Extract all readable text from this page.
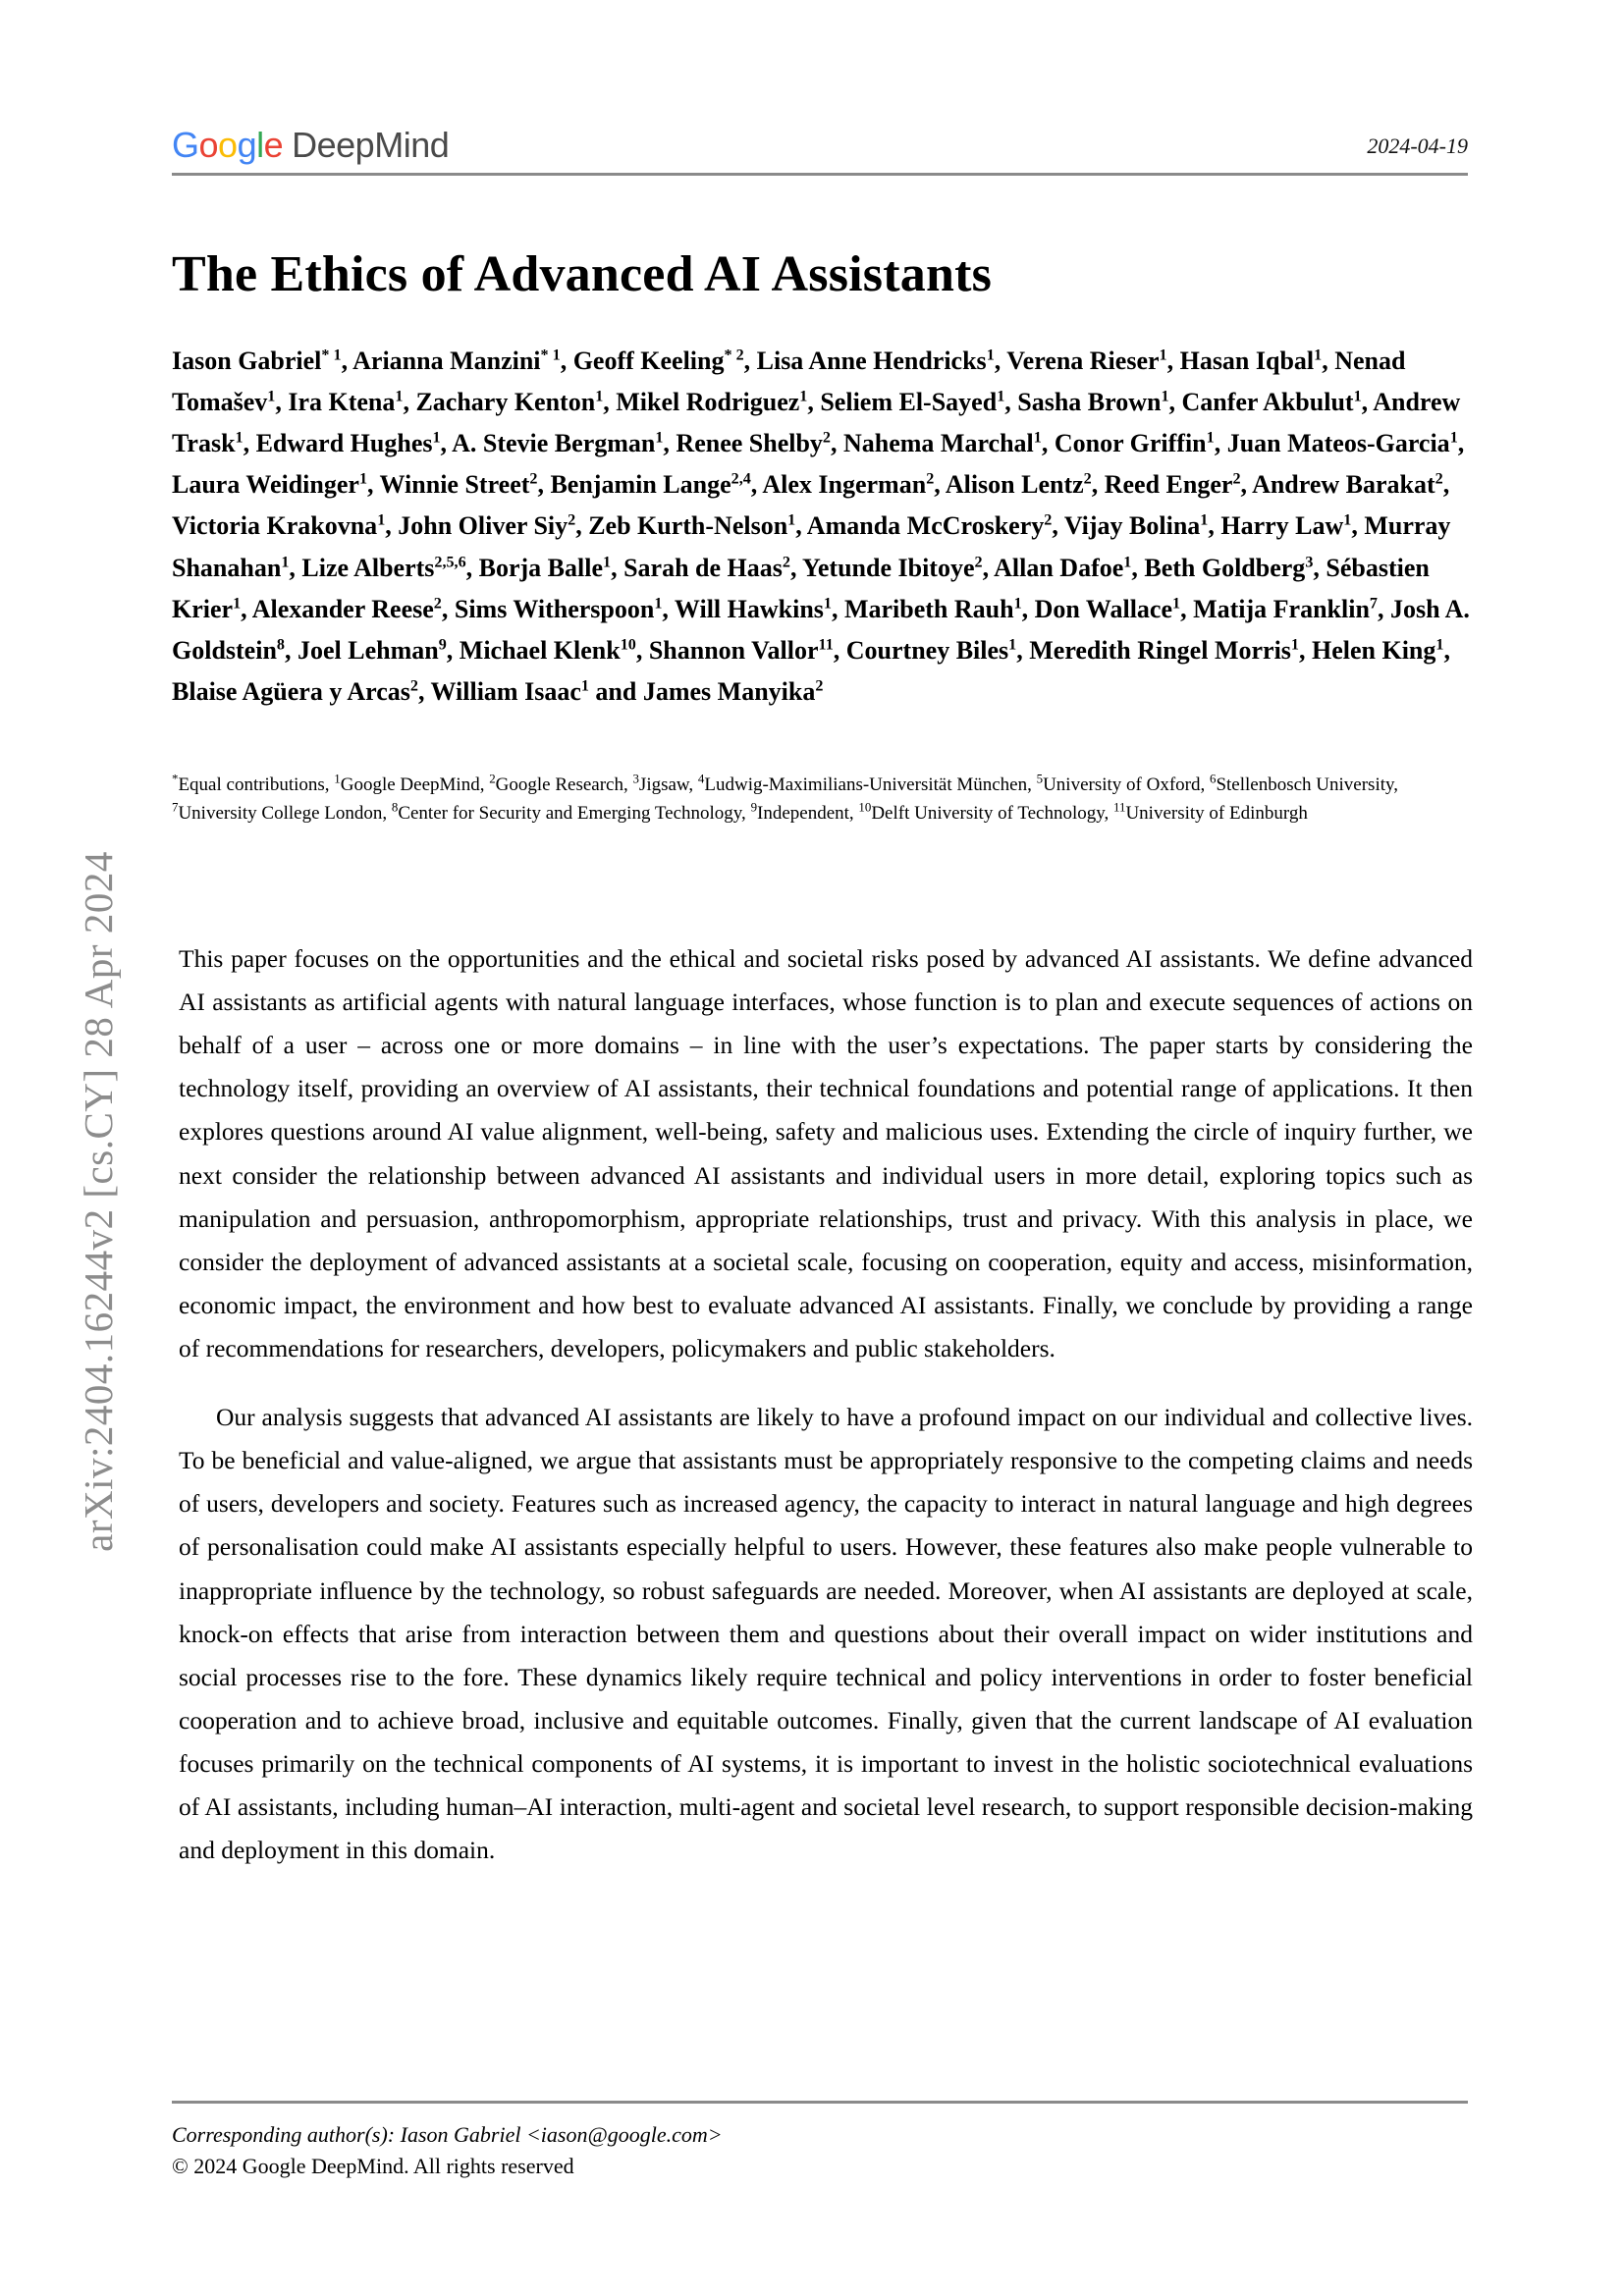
arXiv:2404.16244v2 [cs.CY] 28 Apr 2024
G o o g l e DeepMind	2024-04-19
The Ethics of Advanced AI Assistants
Iason Gabriel$^{* 1}$, Arianna Manzini$^{* 1}$, Geoff Keeling$^{* 2}$, Lisa Anne Hendricks$^1$, Verena Rieser$^1$, Hasan Iqbal$^1$, Nenad Tomašev$^1$, Ira Ktena$^1$, Zachary Kenton$^1$, Mikel Rodriguez$^1$, Seliem El-Sayed$^1$, Sasha Brown$^1$, Canfer Akbulut$^1$, Andrew Trask$^1$, Edward Hughes$^1$, A. Stevie Bergman$^1$, Renee Shelby$^2$, Nahema Marchal$^1$, Conor Griffin$^1$, Juan Mateos-Garcia$^1$, Laura Weidinger$^1$, Winnie Street$^2$, Benjamin Lange$^{2,4}$, Alex Ingerman$^2$, Alison Lentz$^2$, Reed Enger$^2$, Andrew Barakat$^2$, Victoria Krakovna$^1$, John Oliver Siy$^2$, Zeb Kurth-Nelson$^1$, Amanda McCroskery$^2$, Vijay Bolina$^1$, Harry Law$^1$, Murray Shanahan$^1$, Lize Alberts$^{2,5,6}$, Borja Balle$^1$, Sarah de Haas$^2$, Yetunde Ibitoye$^2$, Allan Dafoe$^1$, Beth Goldberg$^3$, Sébastien Krier$^1$, Alexander Reese$^2$, Sims Witherspoon$^1$, Will Hawkins$^1$, Maribeth Rauh$^1$, Don Wallace$^1$, Matija Franklin$^7$, Josh A. Goldstein$^8$, Joel Lehman$^9$, Michael Klenk$^{10}$, Shannon Vallor$^{11}$, Courtney Biles$^1$, Meredith Ringel Morris$^1$, Helen King$^1$, Blaise Agüera y Arcas$^2$, William Isaac$^1$ and James Manyika$^2$
*Equal contributions, $^1$Google DeepMind, $^2$Google Research, $^3$Jigsaw, $^4$Ludwig-Maximilians-Universität München, $^5$University of Oxford, $^6$Stellenbosch University, $^7$University College London, $^8$Center for Security and Emerging Technology, $^9$Independent, $^{10}$Delft University of Technology, $^{11}$University of Edinburgh

This paper focuses on the opportunities and the ethical and societal risks posed by advanced AI assistants. We define advanced AI assistants as artificial agents with natural language interfaces, whose function is to plan and execute sequences of actions on behalf of a user – across one or more domains – in line with the user’s expectations. The paper starts by considering the technology itself, providing an overview of AI assistants, their technical foundations and potential range of applications. It then explores questions around AI value alignment, well-being, safety and malicious uses. Extending the circle of inquiry further, we next consider the relationship between advanced AI assistants and individual users in more detail, exploring topics such as manipulation and persuasion, anthropomorphism, appropriate relationships, trust and privacy. With this analysis in place, we consider the deployment of advanced assistants at a societal scale, focusing on cooperation, equity and access, misinformation, economic impact, the environment and how best to evaluate advanced AI assistants. Finally, we conclude by providing a range of recommendations for researchers, developers, policymakers and public stakeholders.

Our analysis suggests that advanced AI assistants are likely to have a profound impact on our individual and collective lives. To be beneficial and value-aligned, we argue that assistants must be appropriately responsive to the competing claims and needs of users, developers and society. Features such as increased agency, the capacity to interact in natural language and high degrees of personalisation could make AI assistants especially helpful to users. However, these features also make people vulnerable to inappropriate influence by the technology, so robust safeguards are needed. Moreover, when AI assistants are deployed at scale, knock-on effects that arise from interaction between them and questions about their overall impact on wider institutions and social processes rise to the fore. These dynamics likely require technical and policy interventions in order to foster beneficial cooperation and to achieve broad, inclusive and equitable outcomes. Finally, given that the current landscape of AI evaluation focuses primarily on the technical components of AI systems, it is important to invest in the holistic sociotechnical evaluations of AI assistants, including human–AI interaction, multi-agent and societal level research, to support responsible decision-making and deployment in this domain.

Corresponding author(s): Iason Gabriel <iason@google.com>
© 2024 Google DeepMind. All rights reserved
